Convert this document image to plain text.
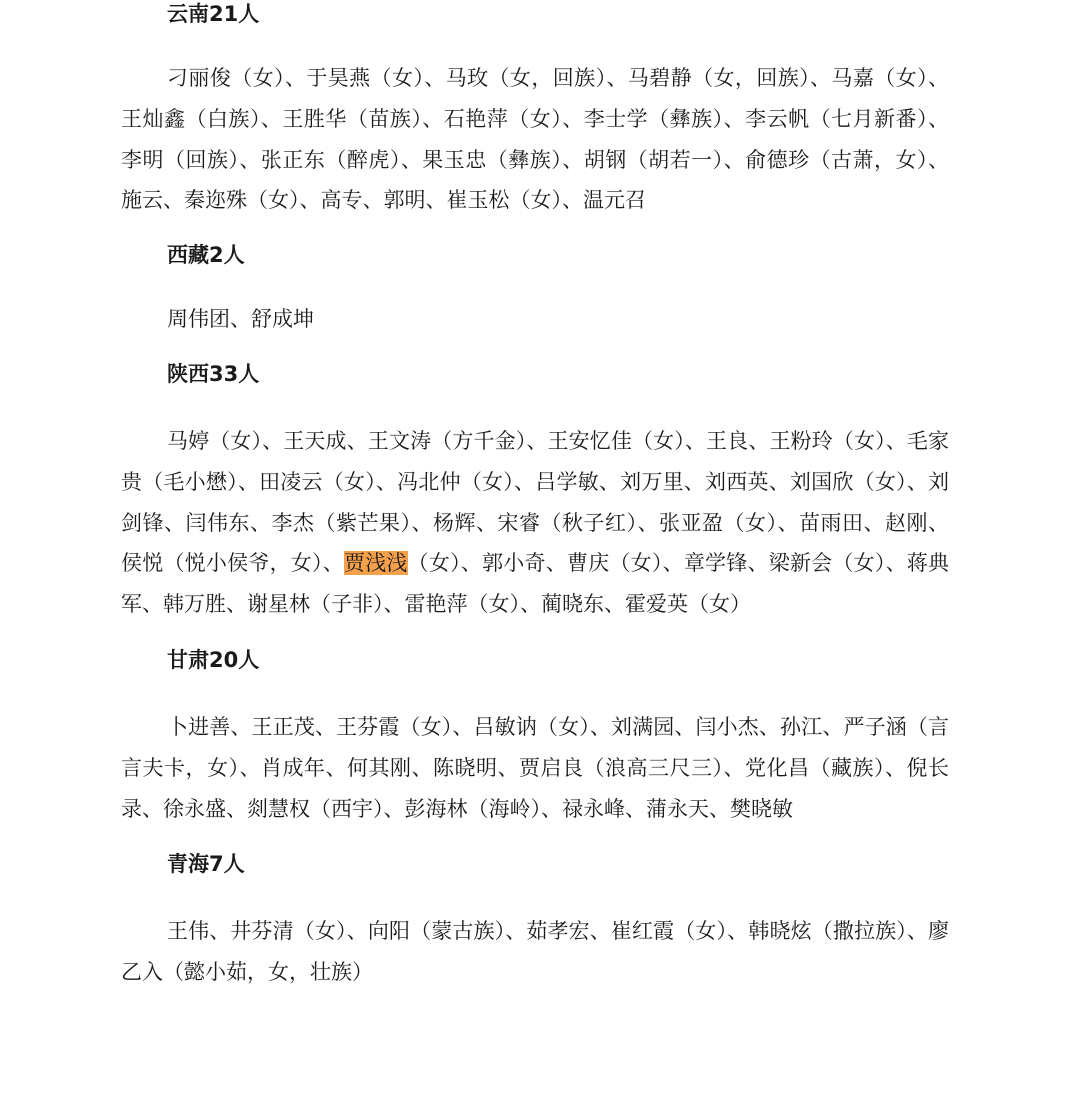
云南21人

刁丽俊（女）、于昊燕（女）、马玫（女，回族）、马碧静（女，回族）、马嘉（女）、王灿鑫（白族）、王胜华（苗族）、石艳萍（女）、李士学（彝族）、李云帆（七月新番）、李明（回族）、张正东（醉虎）、果玉忠（彝族）、胡钢（胡若一）、俞德珍（古萧，女）、施云、秦迩殊（女）、高专、郭明、崔玉松（女）、温元召

西藏2人

周伟团、舒成坤

陕西33人

马婷（女）、王天成、王文涛（方千金）、王安忆佳（女）、王良、王粉玲（女）、毛家贵（毛小懋）、田凌云（女）、冯北仲（女）、吕学敏、刘万里、刘西英、刘国欣（女）、刘剑锋、闫伟东、李杰（紫芒果）、杨辉、宋睿（秋子红）、张亚盈（女）、苗雨田、赵刚、侯悦（悦小侯爷，女）、贾浅浅（女）、郭小奇、曹庆（女）、章学锋、梁新会（女）、蒋典军、韩万胜、谢星林（子非）、雷艳萍（女）、蔺晓东、霍爱英（女）

甘肃20人

卜进善、王正茂、王芬霞（女）、吕敏讷（女）、刘满园、闫小杰、孙江、严子涵（言言夫卡，女）、肖成年、何其刚、陈晓明、贾启良（浪高三尺三）、党化昌（藏族）、倪长录、徐永盛、剡慧权（西宇）、彭海林（海岭）、禄永峰、蒲永天、樊晓敏

青海7人

王伟、井芬清（女）、向阳（蒙古族）、茹孝宏、崔红霞（女）、韩晓炫（撒拉族）、廖乙入（懿小茹，女，壮族）
